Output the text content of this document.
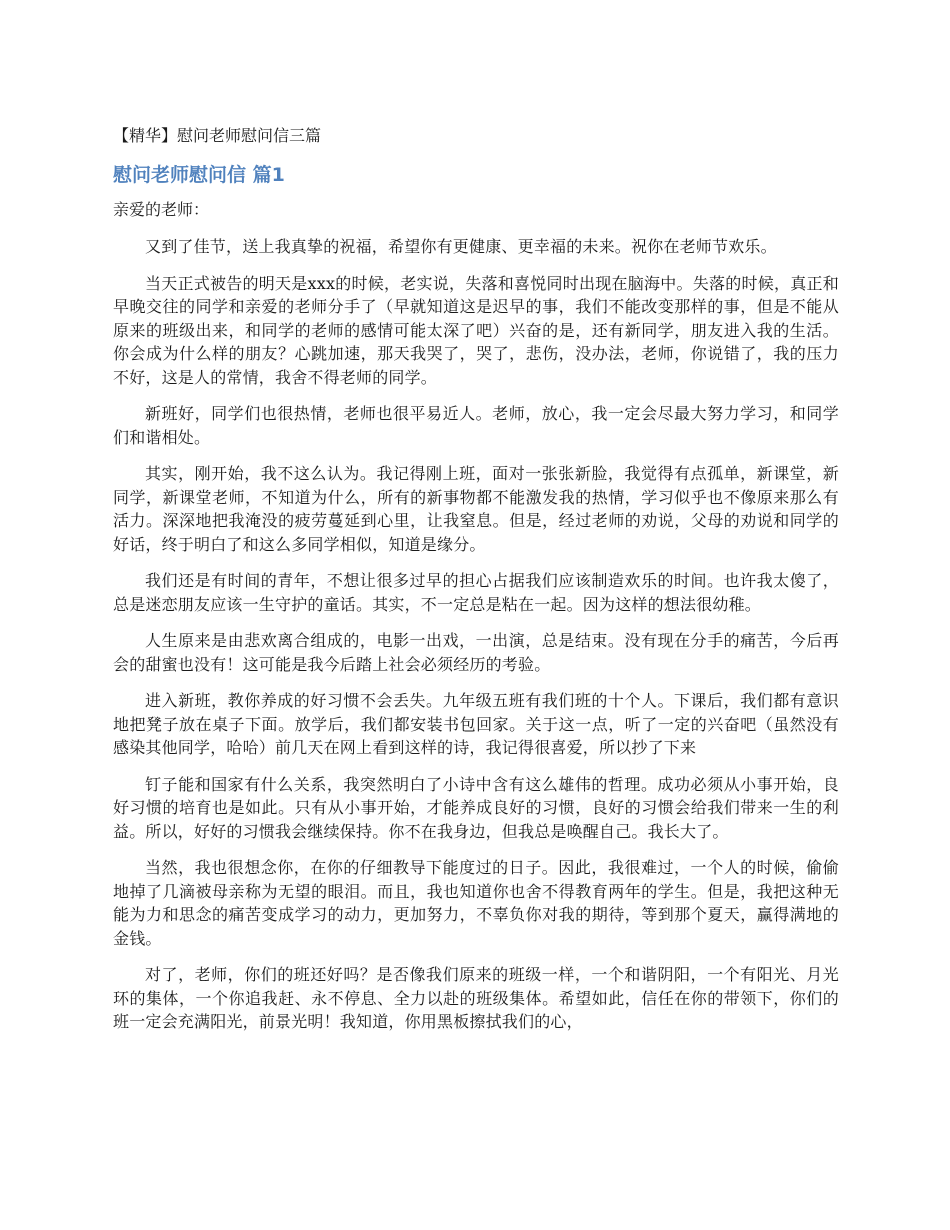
【精华】慰问老师慰问信三篇
慰问老师慰问信 篇1
亲爱的老师：

又到了佳节，送上我真挚的祝福，希望你有更健康、更幸福的未来。祝你在老师节欢乐。

当天正式被告的明天是xxx的时候，老实说，失落和喜悦同时出现在脑海中。失落的时候，真正和早晚交往的同学和亲爱的老师分手了（早就知道这是迟早的事，我们不能改变那样的事，但是不能从原来的班级出来，和同学的老师的感情可能太深了吧）兴奋的是，还有新同学，朋友进入我的生活。你会成为什么样的朋友？心跳加速，那天我哭了，哭了，悲伤，没办法，老师，你说错了，我的压力不好，这是人的常情，我舍不得老师的同学。

新班好，同学们也很热情，老师也很平易近人。老师，放心，我一定会尽最大努力学习，和同学们和谐相处。

其实，刚开始，我不这么认为。我记得刚上班，面对一张张新脸，我觉得有点孤单，新课堂，新同学，新课堂老师，不知道为什么，所有的新事物都不能激发我的热情，学习似乎也不像原来那么有活力。深深地把我淹没的疲劳蔓延到心里，让我窒息。但是，经过老师的劝说，父母的劝说和同学的好话，终于明白了和这么多同学相似，知道是缘分。

我们还是有时间的青年，不想让很多过早的担心占据我们应该制造欢乐的时间。也许我太傻了，总是迷恋朋友应该一生守护的童话。其实，不一定总是粘在一起。因为这样的想法很幼稚。

人生原来是由悲欢离合组成的，电影一出戏，一出演，总是结束。没有现在分手的痛苦，今后再会的甜蜜也没有！这可能是我今后踏上社会必须经历的考验。

进入新班，教你养成的好习惯不会丢失。九年级五班有我们班的十个人。下课后，我们都有意识地把凳子放在桌子下面。放学后，我们都安装书包回家。关于这一点，听了一定的兴奋吧（虽然没有感染其他同学，哈哈）前几天在网上看到这样的诗，我记得很喜爱，所以抄了下来

钉子能和国家有什么关系，我突然明白了小诗中含有这么雄伟的哲理。成功必须从小事开始，良好习惯的培育也是如此。只有从小事开始，才能养成良好的习惯，良好的习惯会给我们带来一生的利益。所以，好好的习惯我会继续保持。你不在我身边，但我总是唤醒自己。我长大了。

当然，我也很想念你，在你的仔细教导下能度过的日子。因此，我很难过，一个人的时候，偷偷地掉了几滴被母亲称为无望的眼泪。而且，我也知道你也舍不得教育两年的学生。但是，我把这种无能为力和思念的痛苦变成学习的动力，更加努力，不辜负你对我的期待，等到那个夏天，赢得满地的金钱。

对了，老师，你们的班还好吗？是否像我们原来的班级一样，一个和谐阴阳，一个有阳光、月光环的集体，一个你追我赶、永不停息、全力以赴的班级集体。希望如此，信任在你的带领下，你们的班一定会充满阳光，前景光明！我知道，你用黑板擦拭我们的心，
